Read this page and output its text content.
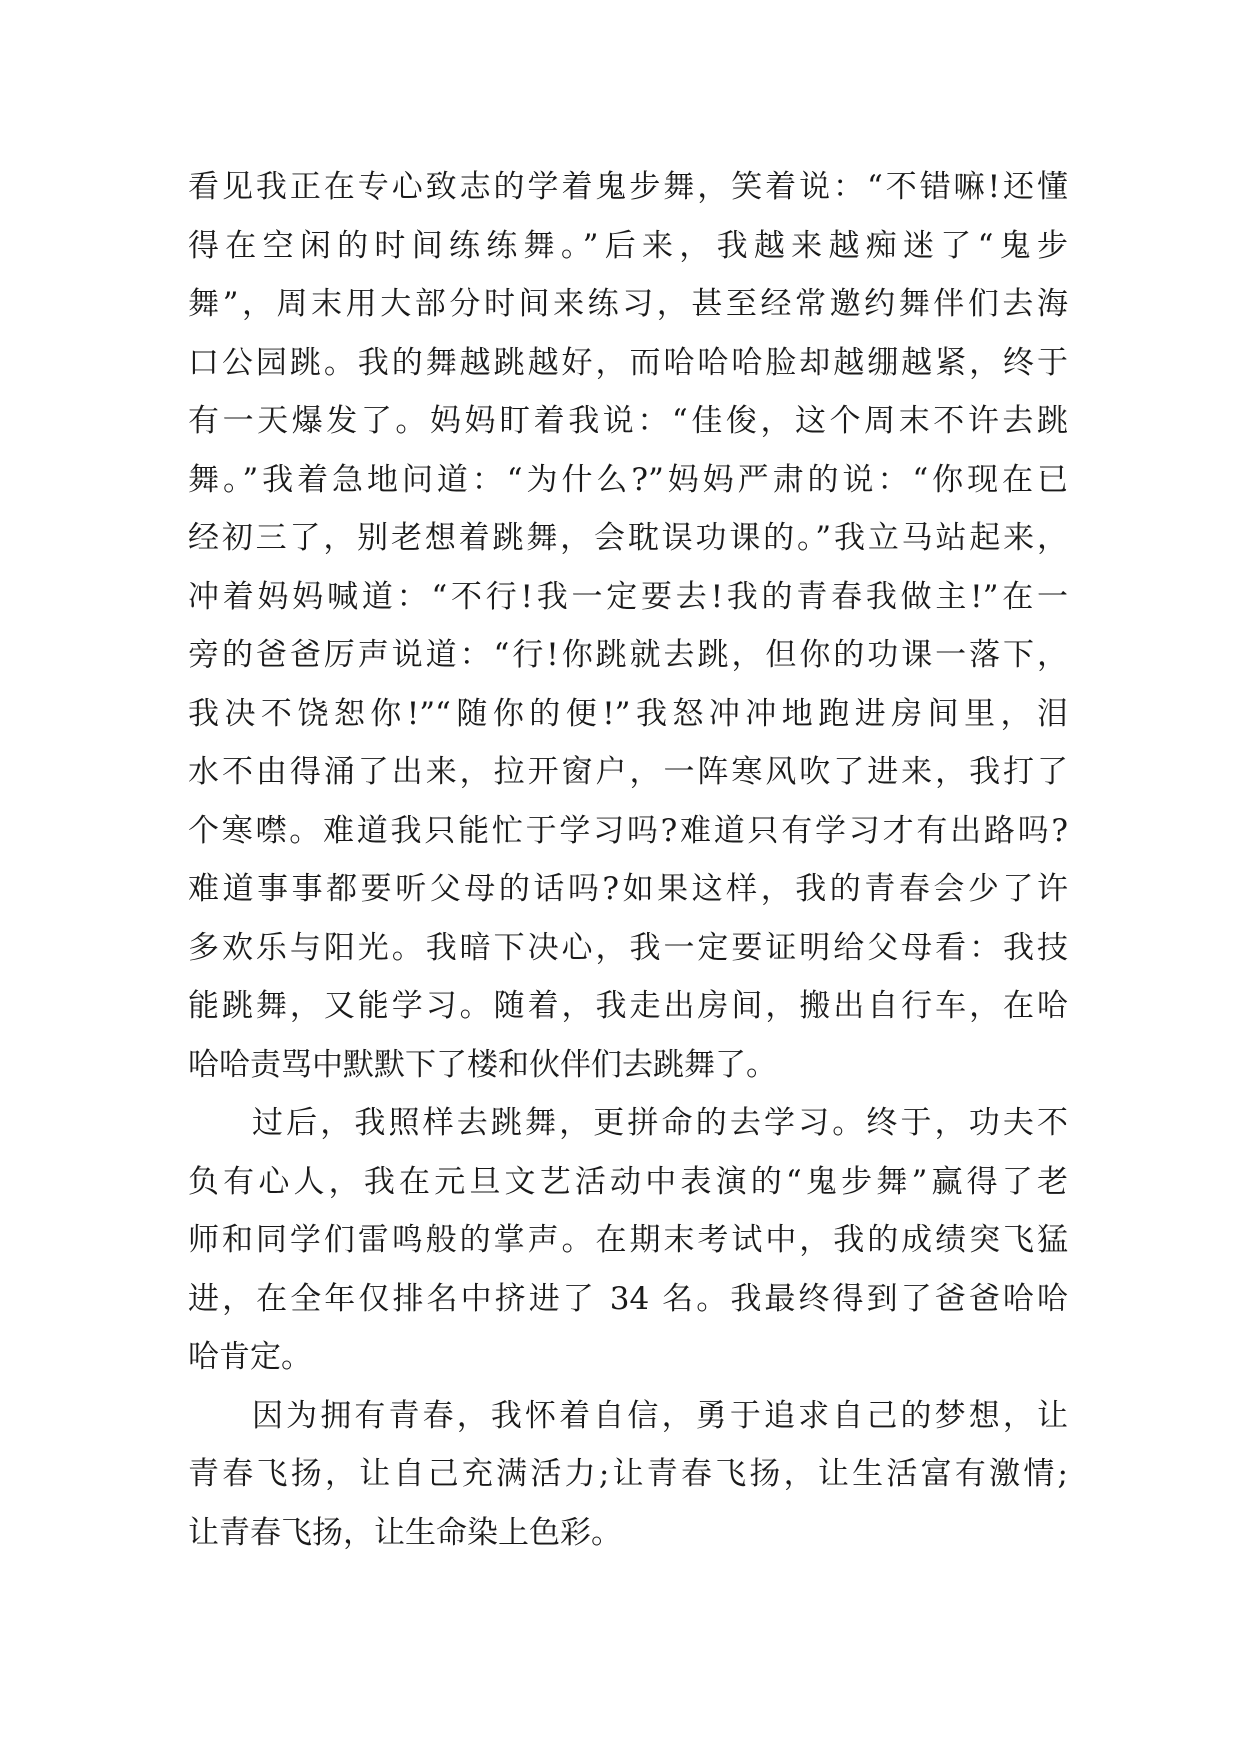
看见我正在专心致志的学着鬼步舞，笑着说：“不错嘛!还懂
得在空闲的时间练练舞。”后来，我越来越痴迷了“鬼步
舞”，周末用大部分时间来练习，甚至经常邀约舞伴们去海
口公园跳。我的舞越跳越好，而哈哈哈脸却越绷越紧，终于
有一天爆发了。妈妈盯着我说：“佳俊，这个周末不许去跳
舞。”我着急地问道：“为什么?”妈妈严肃的说：“你现在已
经初三了，别老想着跳舞，会耽误功课的。”我立马站起来，
冲着妈妈喊道：“不行!我一定要去!我的青春我做主!”在一
旁的爸爸厉声说道：“行!你跳就去跳，但你的功课一落下，
我决不饶恕你!”“随你的便!”我怒冲冲地跑进房间里，泪
水不由得涌了出来，拉开窗户，一阵寒风吹了进来，我打了
个寒噤。难道我只能忙于学习吗?难道只有学习才有出路吗?
难道事事都要听父母的话吗?如果这样，我的青春会少了许
多欢乐与阳光。我暗下决心，我一定要证明给父母看：我技
能跳舞，又能学习。随着，我走出房间，搬出自行车，在哈
哈哈责骂中默默下了楼和伙伴们去跳舞了。
过后，我照样去跳舞，更拼命的去学习。终于，功夫不
负有心人，我在元旦文艺活动中表演的“鬼步舞”赢得了老
师和同学们雷鸣般的掌声。在期末考试中，我的成绩突飞猛
进，在全年仅排名中挤进了 34 名。我最终得到了爸爸哈哈
哈肯定。
因为拥有青春，我怀着自信，勇于追求自己的梦想，让
青春飞扬，让自己充满活力;让青春飞扬，让生活富有激情;
让青春飞扬，让生命染上色彩。
